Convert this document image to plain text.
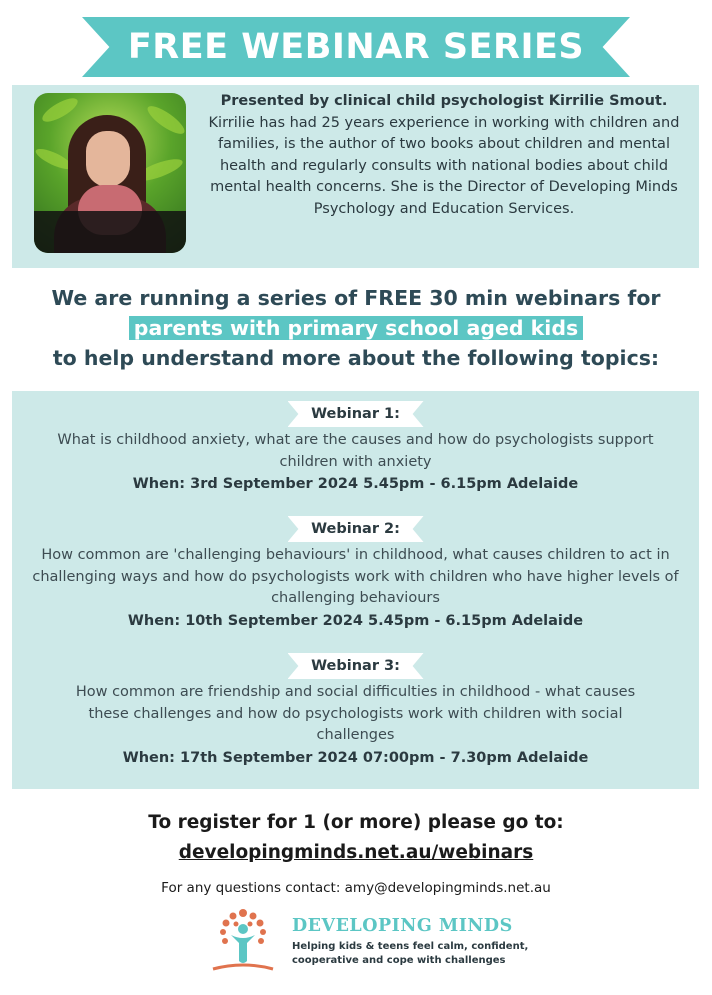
FREE WEBINAR SERIES
Presented by clinical child psychologist Kirrilie Smout. Kirrilie has had 25 years experience in working with children and families, is the author of two books about children and mental health and regularly consults with national bodies about child mental health concerns. She is the Director of Developing Minds Psychology and Education Services.
We are running a series of FREE 30 min webinars for
parents with primary school aged kids
to help understand more about the following topics:
Webinar 1:
What is childhood anxiety, what are the causes and how do psychologists support children with anxiety
When: 3rd September 2024 5.45pm - 6.15pm Adelaide
Webinar 2:
How common are 'challenging behaviours' in childhood, what causes children to act in challenging ways and how do psychologists work with children who have higher levels of challenging behaviours
When: 10th September 2024 5.45pm - 6.15pm Adelaide
Webinar 3:
How common are friendship and social difficulties in childhood - what causes these challenges and how do psychologists work with children with social challenges
When: 17th September 2024 07:00pm - 7.30pm Adelaide
To register for 1 (or more) please go to:
developingminds.net.au/webinars
For any questions contact: amy@developingminds.net.au
DEVELOPING MINDS
Helping kids & teens feel calm, confident, cooperative and cope with challenges
